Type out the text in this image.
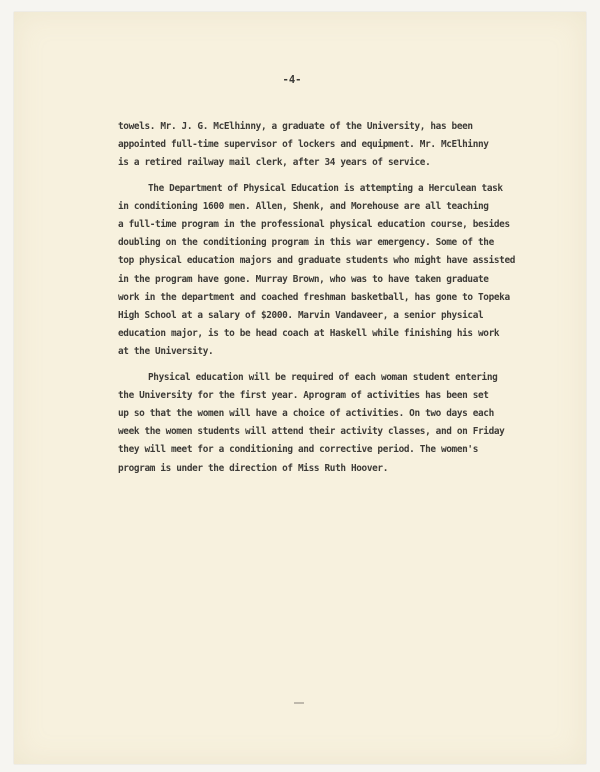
-4-
towels. Mr. J. G. McElhinny, a graduate of the University, has been
appointed full-time supervisor of lockers and equipment. Mr. McElhinny
is a retired railway mail clerk, after 34 years of service.
The Department of Physical Education is attempting a Herculean task
in conditioning 1600 men. Allen, Shenk, and Morehouse are all teaching
a full-time program in the professional physical education course, besides
doubling on the conditioning program in this war emergency. Some of the
top physical education majors and graduate students who might have assisted
in the program have gone. Murray Brown, who was to have taken graduate
work in the department and coached freshman basketball, has gone to Topeka
High School at a salary of $2000. Marvin Vandaveer, a senior physical
education major, is to be head coach at Haskell while finishing his work
at the University.
Physical education will be required of each woman student entering
the University for the first year. Aprogram of activities has been set
up so that the women will have a choice of activities. On two days each
week the women students will attend their activity classes, and on Friday
they will meet for a conditioning and corrective period. The women's
program is under the direction of Miss Ruth Hoover.
